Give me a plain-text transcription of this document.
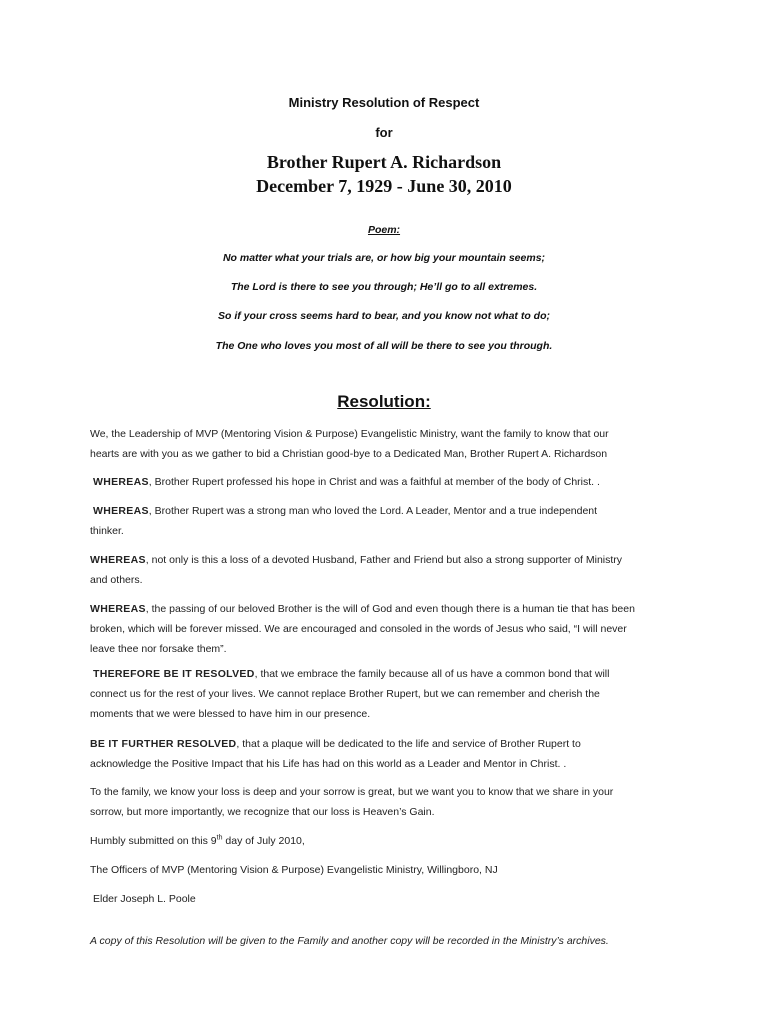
Ministry Resolution of Respect
for
Brother Rupert A. Richardson
December 7, 1929 - June 30, 2010
Poem:
No matter what your trials are, or how big your mountain seems;
The Lord is there to see you through; He’ll go to all extremes.
So if your cross seems hard to bear, and you know not what to do;
The One who loves you most of all will be there to see you through.
Resolution:
We, the Leadership of MVP (Mentoring Vision & Purpose) Evangelistic Ministry, want the family to know that our
hearts are with you as we gather to bid a Christian good-bye to a Dedicated Man, Brother Rupert A. Richardson
WHEREAS, Brother Rupert professed his hope in Christ and was a faithful at member of the body of Christ. .
WHEREAS, Brother Rupert was a strong man who loved the Lord. A Leader, Mentor and a true independent
thinker.
WHEREAS, not only is this a loss of a devoted Husband, Father and Friend but also a strong supporter of Ministry
and others.
WHEREAS, the passing of our beloved Brother is the will of God and even though there is a human tie that has been
broken, which will be forever missed. We are encouraged and consoled in the words of Jesus who said, “I will never
leave thee nor forsake them”.
THEREFORE BE IT RESOLVED, that we embrace the family because all of us have a common bond that will
connect us for the rest of your lives. We cannot replace Brother Rupert, but we can remember and cherish the
moments that we were blessed to have him in our presence.
BE IT FURTHER RESOLVED, that a plaque will be dedicated to the life and service of Brother Rupert to
acknowledge the Positive Impact that his Life has had on this world as a Leader and Mentor in Christ. .
To the family, we know your loss is deep and your sorrow is great, but we want you to know that we share in your
sorrow, but more importantly, we recognize that our loss is Heaven’s Gain.
Humbly submitted on this 9th day of July 2010,
The Officers of MVP (Mentoring Vision & Purpose) Evangelistic Ministry, Willingboro, NJ
Elder Joseph L. Poole
A copy of this Resolution will be given to the Family and another copy will be recorded in the Ministry’s archives.
